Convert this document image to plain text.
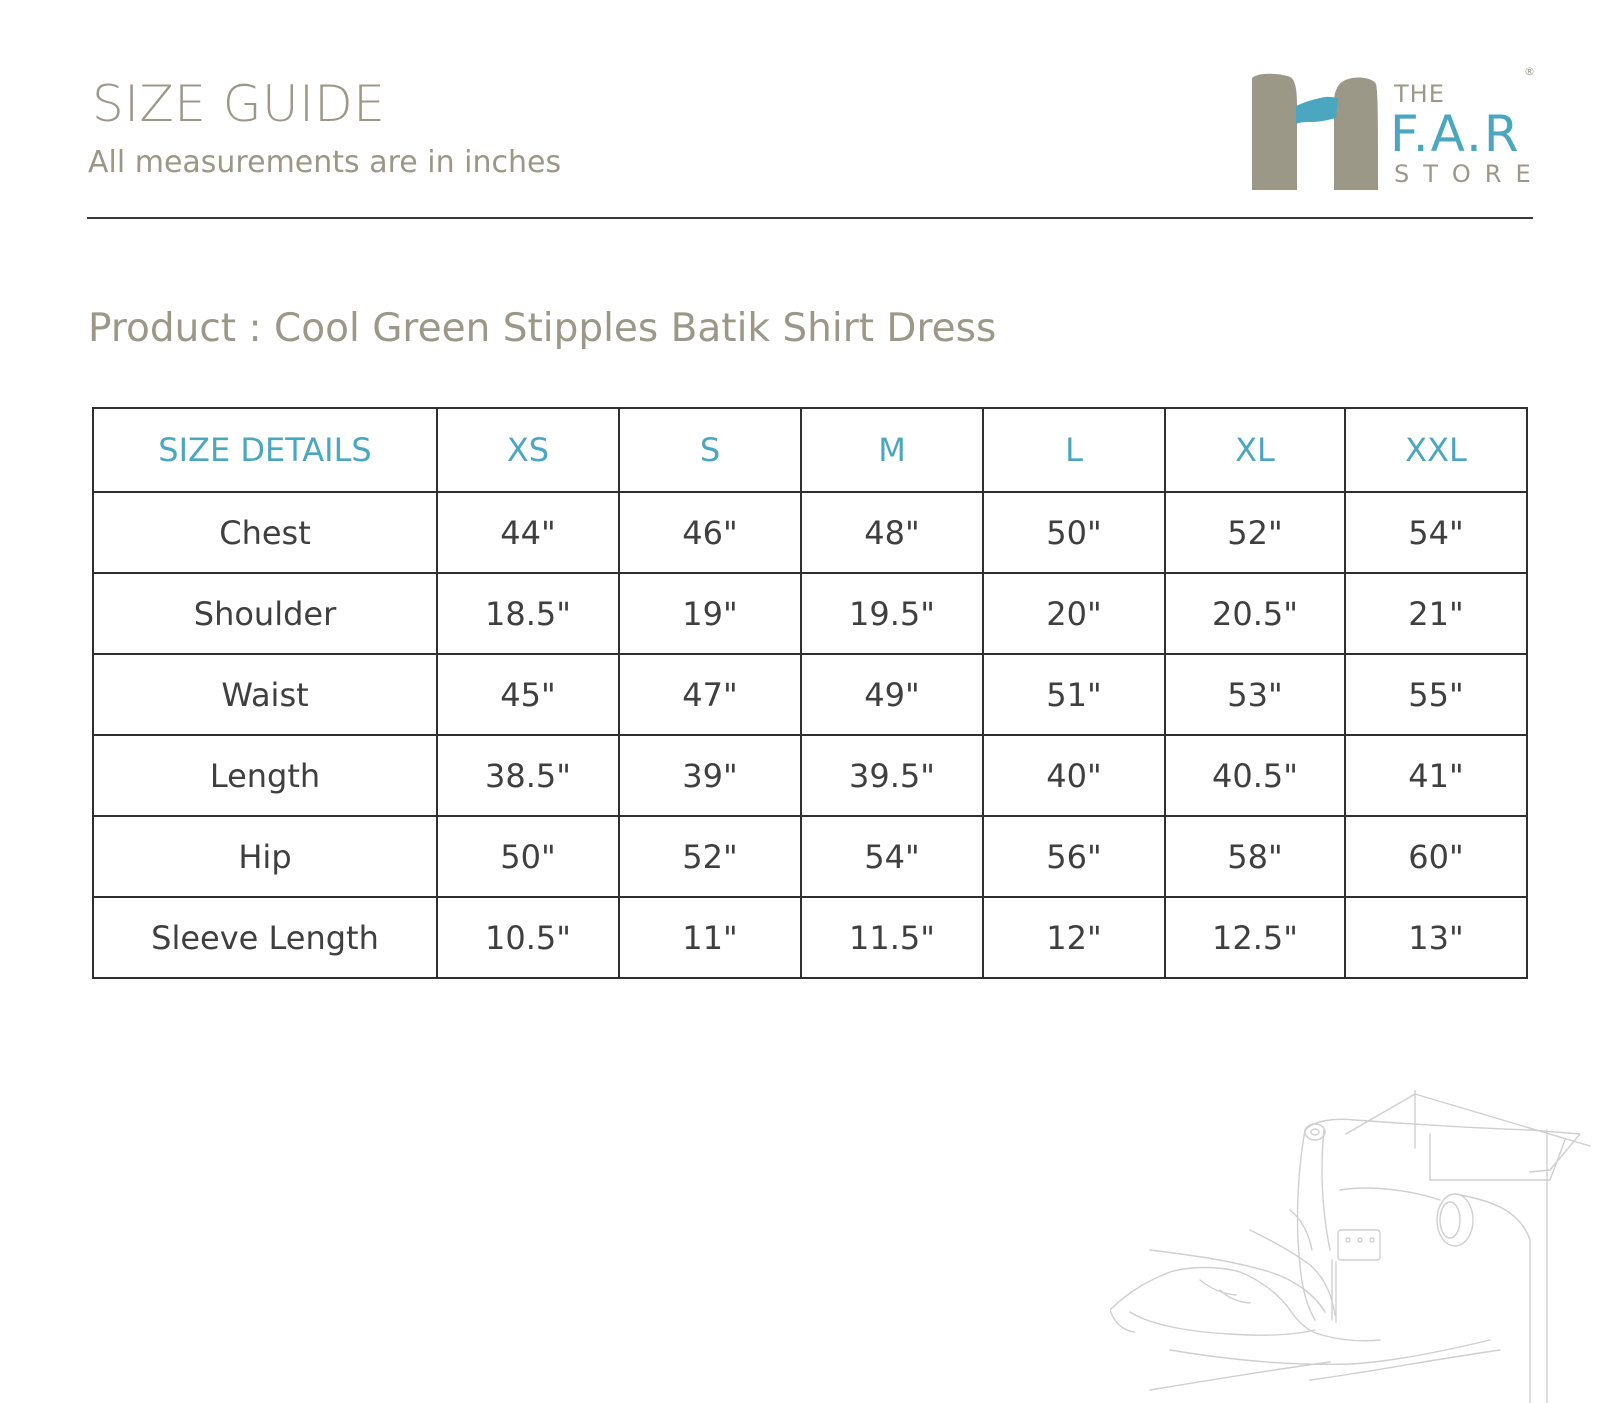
SIZE GUIDE
All measurements are in inches
THE
F.A.R
STORE
®
Product : Cool Green Stipples Batik Shirt Dress
SIZE DETAILS	XS	S	M	L	XL	XXL
Chest	44"	46"	48"	50"	52"	54"
Shoulder	18.5"	19"	19.5"	20"	20.5"	21"
Waist	45"	47"	49"	51"	53"	55"
Length	38.5"	39"	39.5"	40"	40.5"	41"
Hip	50"	52"	54"	56"	58"	60"
Sleeve Length	10.5"	11"	11.5"	12"	12.5"	13"
